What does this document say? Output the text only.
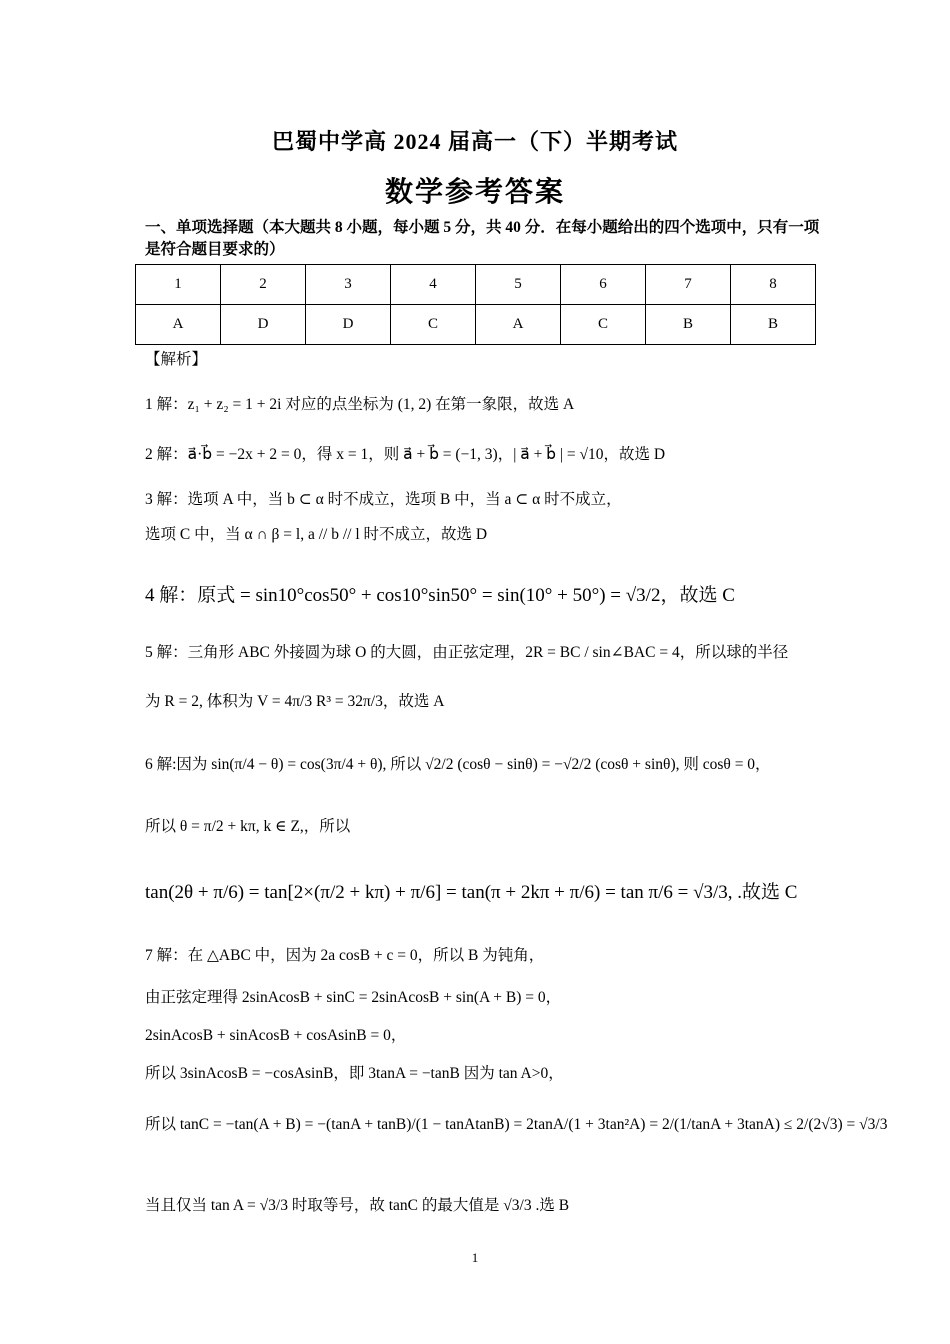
巴蜀中学高 2024 届高一（下）半期考试
数学参考答案
一、单项选择题（本大题共 8 小题，每小题 5 分，共 40 分．在每小题给出的四个选项中，只有一项是符合题目要求的）
1	2	3	4	5	6	7	8
A	D	D	C	A	C	B	B
【解析】
1 解：z₁ + z₂ = 1 + 2i 对应的点坐标为 (1, 2) 在第一象限，故选 A
2 解：a⃗·b⃗ = −2x + 2 = 0，得 x = 1，则 a⃗ + b⃗ = (−1, 3)，| a⃗ + b⃗ | = √10，故选 D
3 解：选项 A 中，当 b ⊂ α 时不成立，选项 B 中，当 a ⊂ α 时不成立，
选项 C 中，当 α ∩ β = l, a // b // l 时不成立，故选 D
4 解：原式 = sin10°cos50° + cos10°sin50° = sin(10° + 50°) = √3/2，故选 C
5 解：三角形 ABC 外接圆为球 O 的大圆，由正弦定理，2R = BC / sin∠BAC = 4，所以球的半径
为 R = 2, 体积为 V = 4π/3 R³ = 32π/3，故选 A
6 解:因为 sin(π/4 − θ) = cos(3π/4 + θ), 所以 √2/2 (cosθ − sinθ) = −√2/2 (cosθ + sinθ), 则 cosθ = 0，
所以 θ = π/2 + kπ, k ∈ Z,，所以
tan(2θ + π/6) = tan[2×(π/2 + kπ) + π/6] = tan(π + 2kπ + π/6) = tan π/6 = √3/3, .故选 C
7 解：在 △ABC 中，因为 2a cosB + c = 0，所以 B 为钝角，
由正弦定理得 2sinAcosB + sinC = 2sinAcosB + sin(A + B) = 0，
2sinAcosB + sinAcosB + cosAsinB = 0，
所以 3sinAcosB = −cosAsinB，即 3tanA = −tanB 因为 tan A>0，
所以 tanC = −tan(A + B) = −(tanA + tanB)/(1 − tanAtanB) = 2tanA/(1 + 3tan²A) = 2/(1/tanA + 3tanA) ≤ 2/(2√3) = √3/3
当且仅当 tan A = √3/3 时取等号，故 tanC 的最大值是 √3/3 .选 B
1
